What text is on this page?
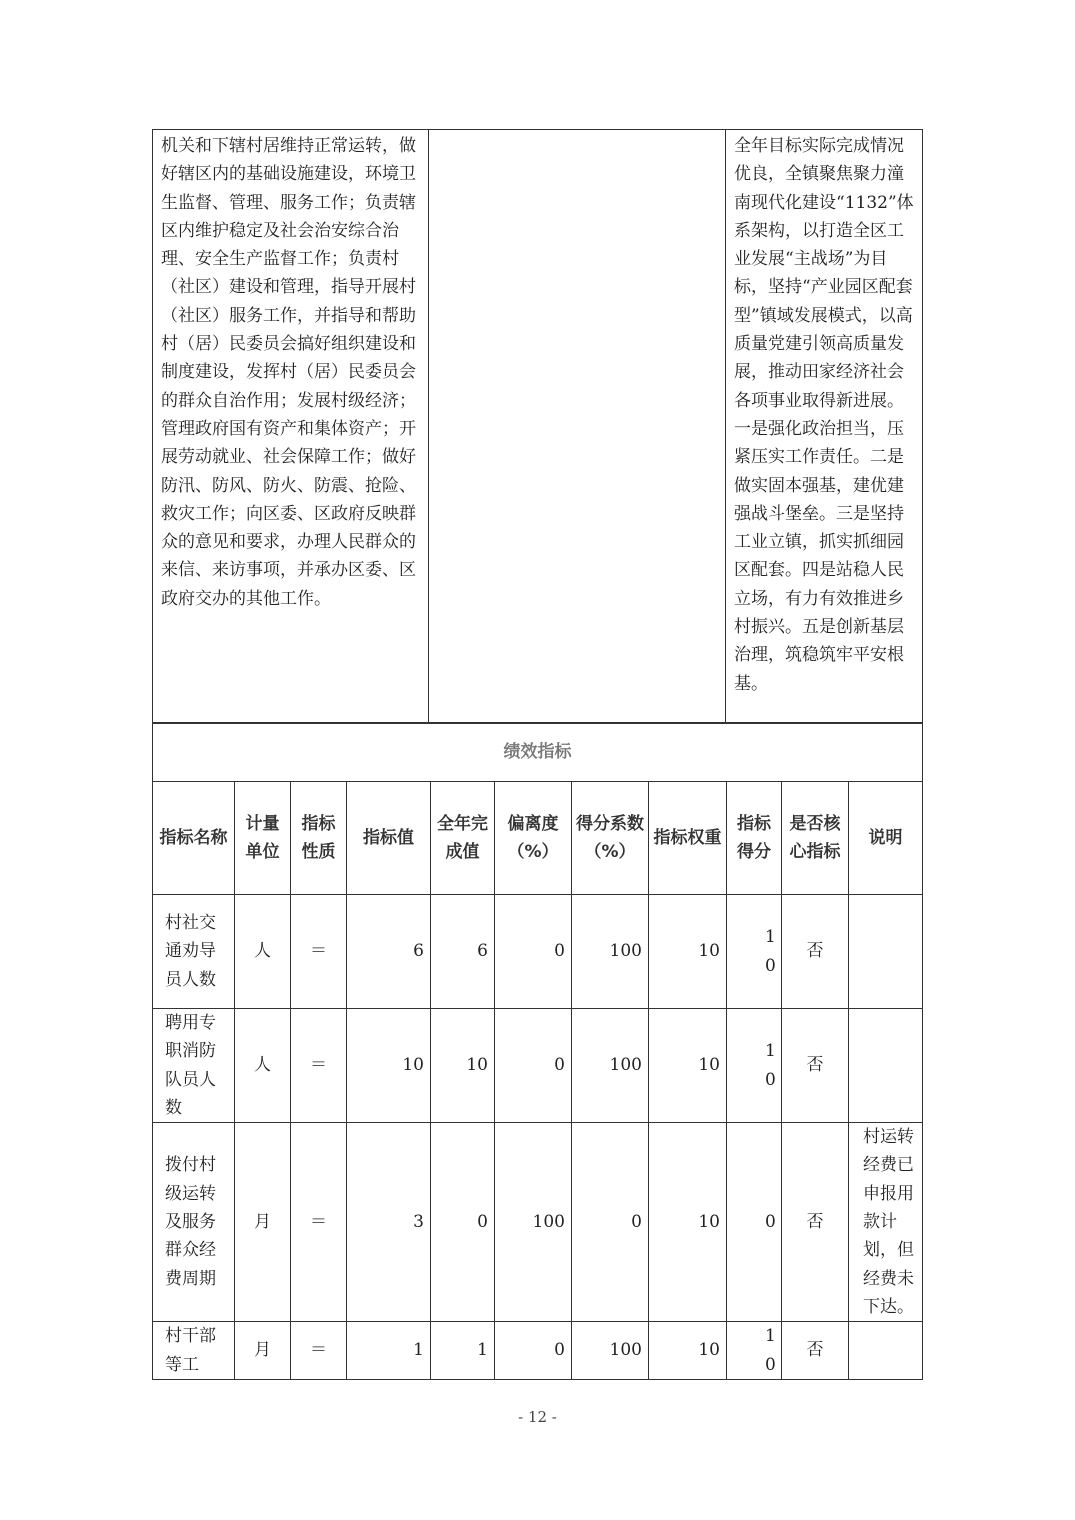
机关和下辖村居维持正常运转，做好辖区内的基础设施建设，环境卫生监督、管理、服务工作；负责辖区内维护稳定及社会治安综合治理、安全生产监督工作；负责村（社区）建设和管理，指导开展村（社区）服务工作，并指导和帮助村（居）民委员会搞好组织建设和制度建设，发挥村（居）民委员会的群众自治作用；发展村级经济；管理政府国有资产和集体资产；开展劳动就业、社会保障工作；做好防汛、防风、防火、防震、抢险、救灾工作；向区委、区政府反映群众的意见和要求，办理人民群众的来信、来访事项，并承办区委、区政府交办的其他工作。		全年目标实际完成情况优良，全镇聚焦聚力潼南现代化建设“1132”体系架构，以打造全区工业发展“主战场”为目标，坚持“产业园区配套型”镇域发展模式，以高质量党建引领高质量发展，推动田家经济社会各项事业取得新进展。一是强化政治担当，压紧压实工作责任。二是做实固本强基，建优建强战斗堡垒。三是坚持工业立镇，抓实抓细园区配套。四是站稳人民立场，有力有效推进乡村振兴。五是创新基层治理，筑稳筑牢平安根基。
绩效指标										
指标名称	计量单位	指标性质	指标值	全年完成值	偏离度（%）	得分系数（%）	指标权重	指标得分	是否核心指标	说明
村社交通劝导员人数	人	＝	6	6	0	100	10	10	否	
聘用专职消防队员人数	人	＝	10	10	0	100	10	10	否	
拨付村级运转及服务群众经费周期	月	＝	3	0	100	0	10	0	否	村运转经费已申报用款计划，但经费未下达。
村干部等工	月	＝	1	1	0	100	10	10	否	
- 12 -
